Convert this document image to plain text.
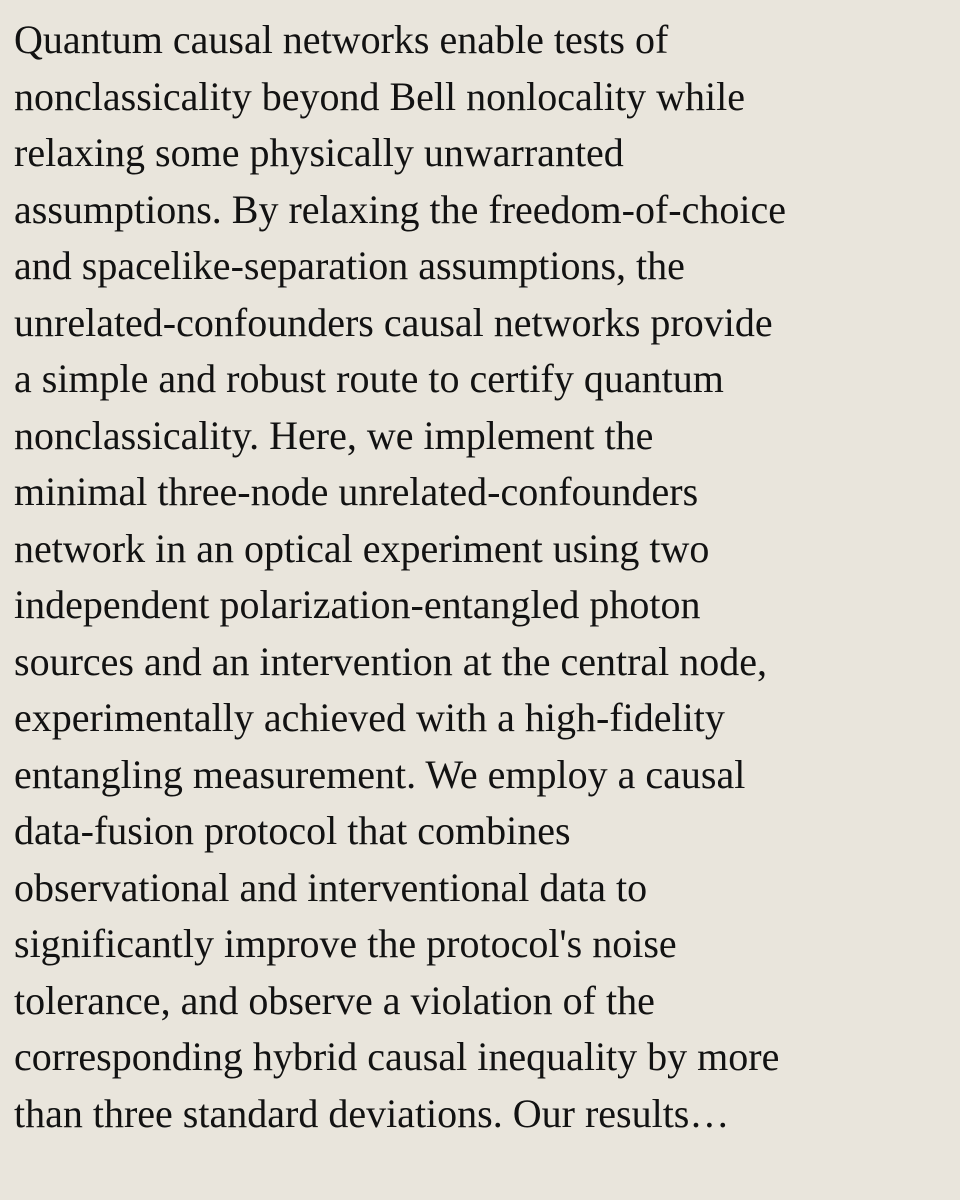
Quantum causal networks enable tests of
nonclassicality beyond Bell nonlocality while
relaxing some physically unwarranted
assumptions. By relaxing the freedom-of-choice
and spacelike-separation assumptions, the
unrelated-confounders causal networks provide
a simple and robust route to certify quantum
nonclassicality. Here, we implement the
minimal three-node unrelated-confounders
network in an optical experiment using two
independent polarization-entangled photon
sources and an intervention at the central node,
experimentally achieved with a high-fidelity
entangling measurement. We employ a causal
data-fusion protocol that combines
observational and interventional data to
significantly improve the protocol's noise
tolerance, and observe a violation of the
corresponding hybrid causal inequality by more
than three standard deviations. Our results…
